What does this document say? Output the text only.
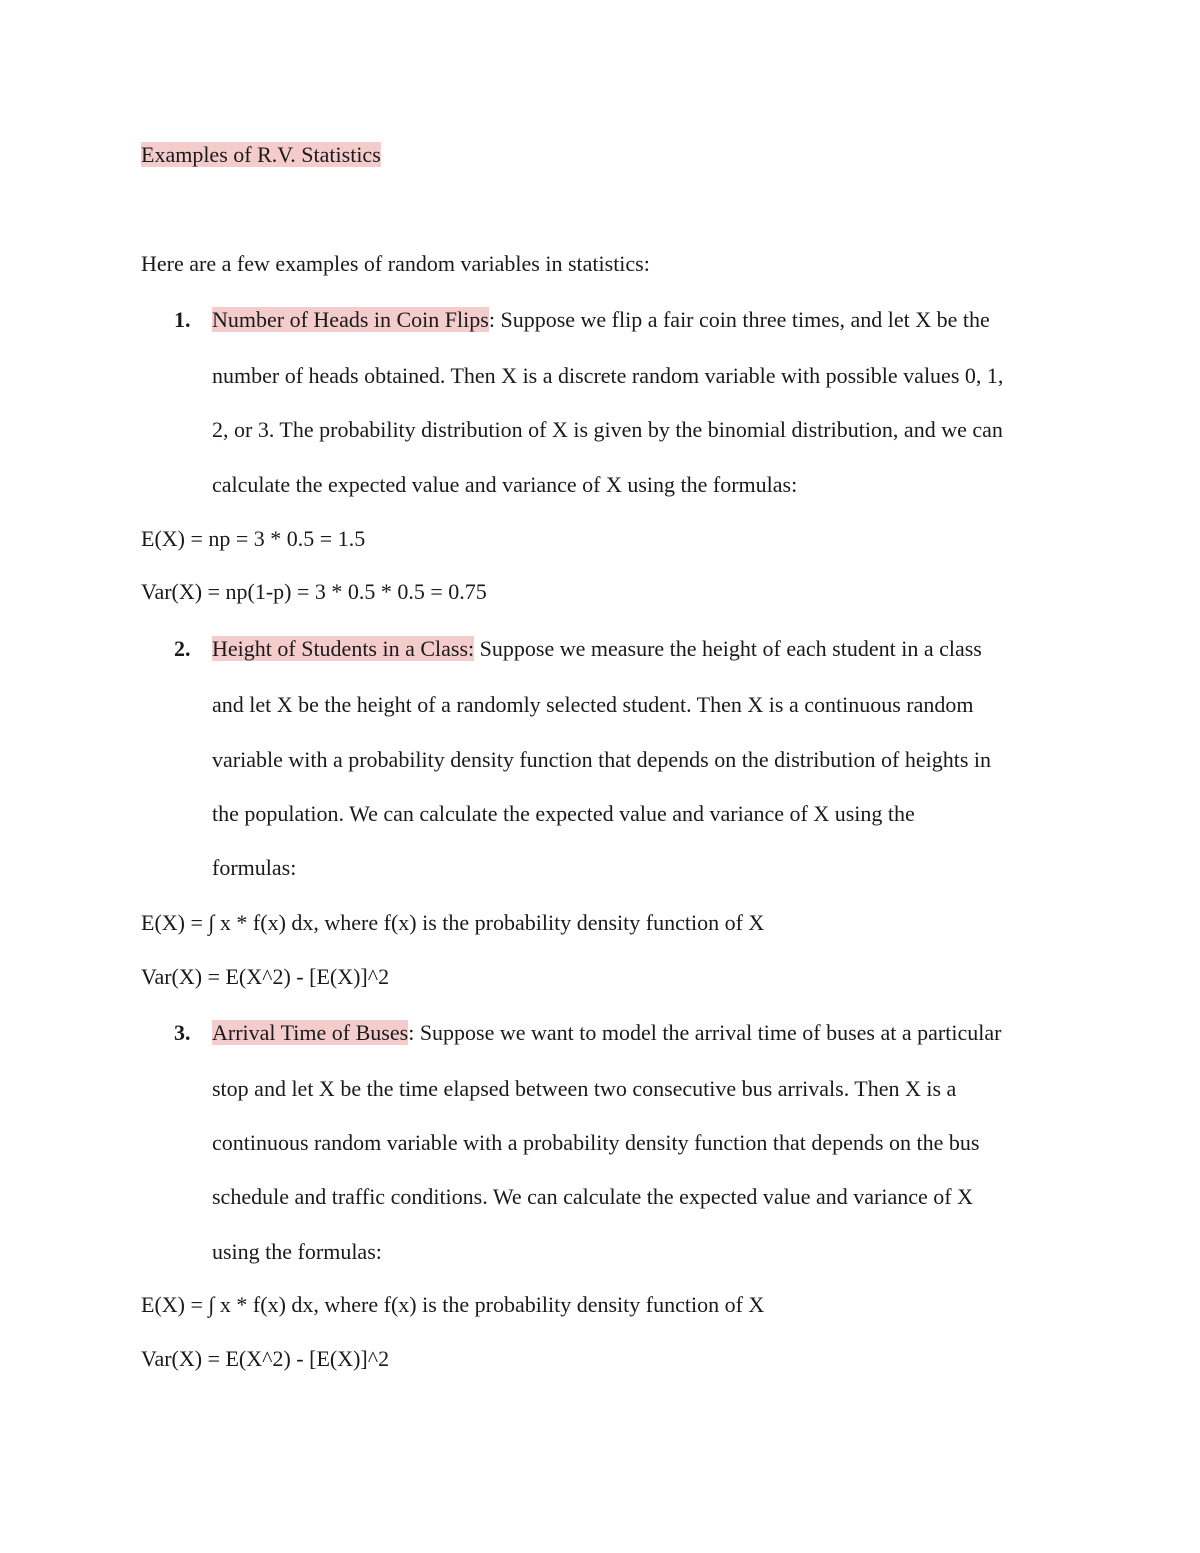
Examples of R.V. Statistics
Here are a few examples of random variables in statistics:
1. Number of Heads in Coin Flips: Suppose we flip a fair coin three times, and let X be the
number of heads obtained. Then X is a discrete random variable with possible values 0, 1,
2, or 3. The probability distribution of X is given by the binomial distribution, and we can
calculate the expected value and variance of X using the formulas:
E(X) = np = 3 * 0.5 = 1.5
Var(X) = np(1-p) = 3 * 0.5 * 0.5 = 0.75
2. Height of Students in a Class: Suppose we measure the height of each student in a class
and let X be the height of a randomly selected student. Then X is a continuous random
variable with a probability density function that depends on the distribution of heights in
the population. We can calculate the expected value and variance of X using the
formulas:
E(X) = ∫ x * f(x) dx, where f(x) is the probability density function of X
Var(X) = E(X^2) - [E(X)]^2
3. Arrival Time of Buses: Suppose we want to model the arrival time of buses at a particular
stop and let X be the time elapsed between two consecutive bus arrivals. Then X is a
continuous random variable with a probability density function that depends on the bus
schedule and traffic conditions. We can calculate the expected value and variance of X
using the formulas:
E(X) = ∫ x * f(x) dx, where f(x) is the probability density function of X
Var(X) = E(X^2) - [E(X)]^2
